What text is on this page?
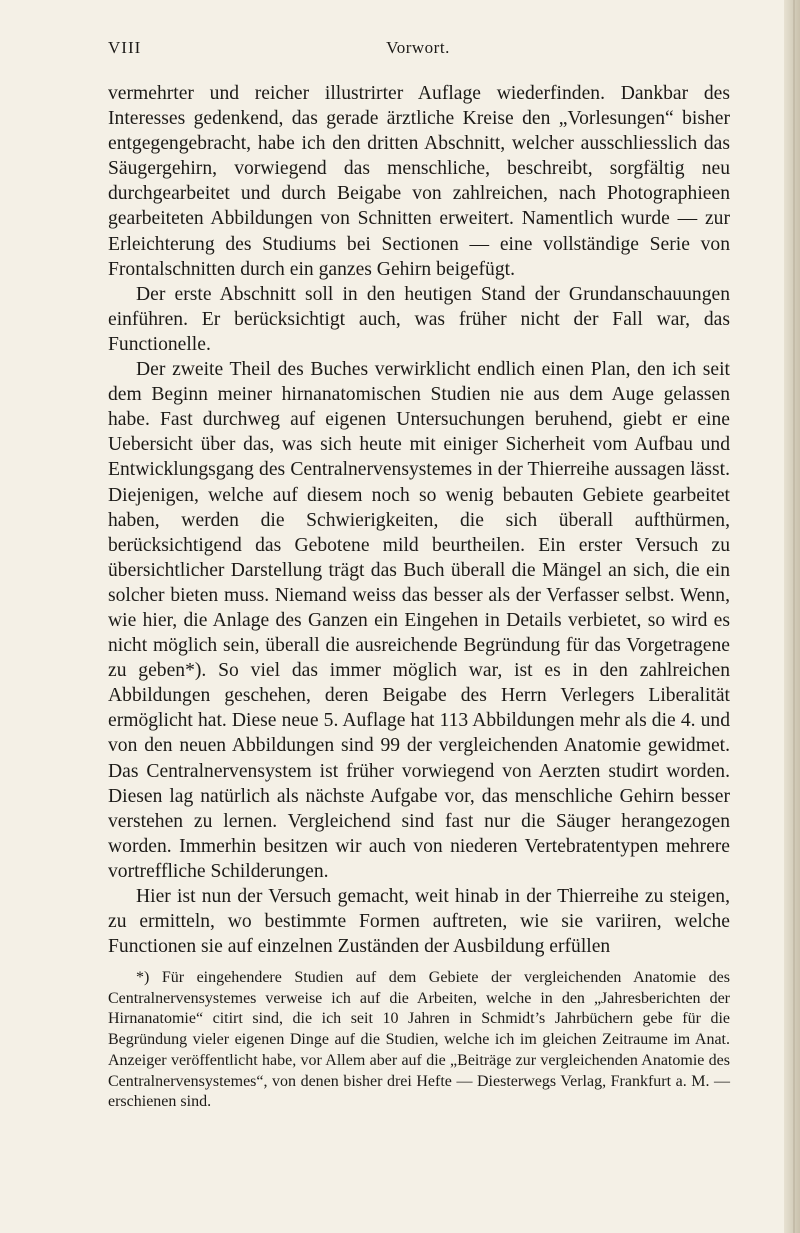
VIII	Vorwort.

vermehrter und reicher illustrirter Auflage wiederfinden. Dankbar des Interesses gedenkend, das gerade ärztliche Kreise den „Vorlesungen“ bisher entgegengebracht, habe ich den dritten Abschnitt, welcher ausschliesslich das Säugergehirn, vorwiegend das menschliche, beschreibt, sorgfältig neu durchgearbeitet und durch Beigabe von zahlreichen, nach Photographieen gearbeiteten Abbildungen von Schnitten erweitert. Namentlich wurde — zur Erleichterung des Studiums bei Sectionen — eine vollständige Serie von Frontalschnitten durch ein ganzes Gehirn beigefügt.

Der erste Abschnitt soll in den heutigen Stand der Grundanschauungen einführen. Er berücksichtigt auch, was früher nicht der Fall war, das Functionelle.

Der zweite Theil des Buches verwirklicht endlich einen Plan, den ich seit dem Beginn meiner hirnanatomischen Studien nie aus dem Auge gelassen habe. Fast durchweg auf eigenen Untersuchungen beruhend, giebt er eine Uebersicht über das, was sich heute mit einiger Sicherheit vom Aufbau und Entwicklungsgang des Centralnervensystemes in der Thierreihe aussagen lässt. Diejenigen, welche auf diesem noch so wenig bebauten Gebiete gearbeitet haben, werden die Schwierigkeiten, die sich überall aufthürmen, berücksichtigend das Gebotene mild beurtheilen. Ein erster Versuch zu übersichtlicher Darstellung trägt das Buch überall die Mängel an sich, die ein solcher bieten muss. Niemand weiss das besser als der Verfasser selbst. Wenn, wie hier, die Anlage des Ganzen ein Eingehen in Details verbietet, so wird es nicht möglich sein, überall die ausreichende Begründung für das Vorgetragene zu geben*). So viel das immer möglich war, ist es in den zahlreichen Abbildungen geschehen, deren Beigabe des Herrn Verlegers Liberalität ermöglicht hat. Diese neue 5. Auflage hat 113 Abbildungen mehr als die 4. und von den neuen Abbildungen sind 99 der vergleichenden Anatomie gewidmet. Das Centralnervensystem ist früher vorwiegend von Aerzten studirt worden. Diesen lag natürlich als nächste Aufgabe vor, das menschliche Gehirn besser verstehen zu lernen. Vergleichend sind fast nur die Säuger herangezogen worden. Immerhin besitzen wir auch von niederen Vertebratentypen mehrere vortreffliche Schilderungen.

Hier ist nun der Versuch gemacht, weit hinab in der Thierreihe zu steigen, zu ermitteln, wo bestimmte Formen auftreten, wie sie variiren, welche Functionen sie auf einzelnen Zuständen der Ausbildung erfüllen

*) Für eingehendere Studien auf dem Gebiete der vergleichenden Anatomie des Centralnervensystemes verweise ich auf die Arbeiten, welche in den „Jahresberichten der Hirnanatomie“ citirt sind, die ich seit 10 Jahren in Schmidt’s Jahrbüchern gebe für die Begründung vieler eigenen Dinge auf die Studien, welche ich im gleichen Zeitraume im Anat. Anzeiger veröffentlicht habe, vor Allem aber auf die „Beiträge zur vergleichenden Anatomie des Centralnervensystemes“, von denen bisher drei Hefte — Diesterwegs Verlag, Frankfurt a. M. — erschienen sind.
